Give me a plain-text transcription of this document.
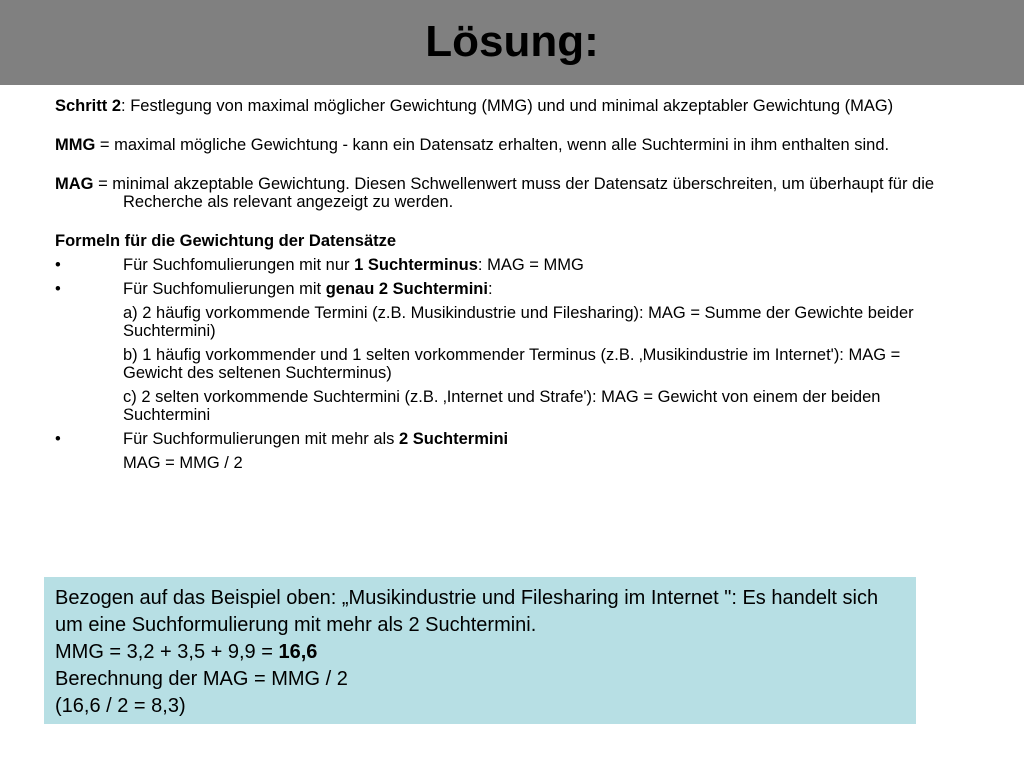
Lösung:

Schritt 2: Festlegung von maximal möglicher Gewichtung (MMG) und und minimal akzeptabler Gewichtung (MAG)

MMG = maximal mögliche Gewichtung - kann ein Datensatz erhalten, wenn alle Suchtermini in ihm enthalten sind.

MAG = minimal akzeptable Gewichtung. Diesen Schwellenwert muss der Datensatz überschreiten, um überhaupt für die Recherche als relevant angezeigt zu werden.

Formeln für die Gewichtung der Datensätze

•	Für Suchfomulierungen mit nur 1 Suchterminus: MAG = MMG
•	Für Suchfomulierungen mit genau 2 Suchtermini:

a) 2 häufig vorkommende Termini (z.B. Musikindustrie und Filesharing): MAG = Summe der Gewichte beider Suchtermini)

b) 1 häufig vorkommender und 1 selten vorkommender Terminus (z.B. ‚Musikindustrie im Internet'): MAG = Gewicht des seltenen Suchterminus)

c) 2 selten vorkommende Suchtermini (z.B. ‚Internet und Strafe'): MAG = Gewicht von einem der beiden Suchtermini

•	Für Suchformulierungen mit mehr als 2 Suchtermini

MAG = MMG / 2

Bezogen auf das Beispiel oben: „Musikindustrie und Filesharing im Internet ": Es handelt sich um eine Suchformulierung mit mehr als 2 Suchtermini.

MMG = 3,2 + 3,5 + 9,9 = 16,6

Berechnung der MAG = MMG / 2

(16,6 / 2 = 8,3)
